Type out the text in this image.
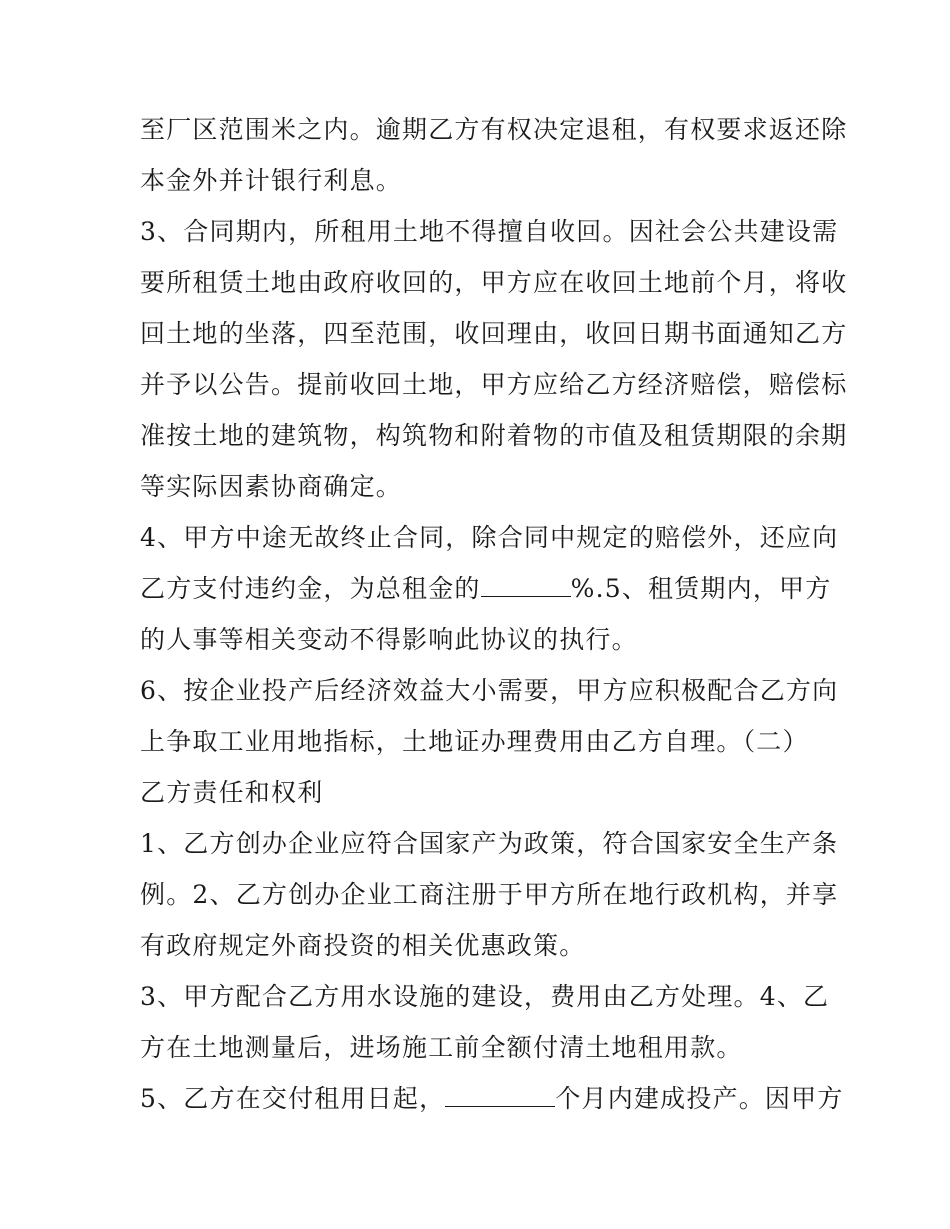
至厂区范围米之内。逾期乙方有权决定退租，有权要求返还除
本金外并计银行利息。
3、合同期内，所租用土地不得擅自收回。因社会公共建设需
要所租赁土地由政府收回的，甲方应在收回土地前个月，将收
回土地的坐落，四至范围，收回理由，收回日期书面通知乙方
并予以公告。提前收回土地，甲方应给乙方经济赔偿，赔偿标
准按土地的建筑物，构筑物和附着物的市值及租赁期限的余期
等实际因素协商确定。
4、甲方中途无故终止合同，除合同中规定的赔偿外，还应向
乙方支付违约金，为总租金的	%.5、租赁期内，甲方
的人事等相关变动不得影响此协议的执行。
6、按企业投产后经济效益大小需要，甲方应积极配合乙方向
上争取工业用地指标，土地证办理费用由乙方自理。（二）
乙方责任和权利
1、乙方创办企业应符合国家产为政策，符合国家安全生产条
例。2、乙方创办企业工商注册于甲方所在地行政机构，并享
有政府规定外商投资的相关优惠政策。
3、甲方配合乙方用水设施的建设，费用由乙方处理。4、乙
方在土地测量后，进场施工前全额付清土地租用款。
5、乙方在交付租用日起，	个月内建成投产。因甲方
